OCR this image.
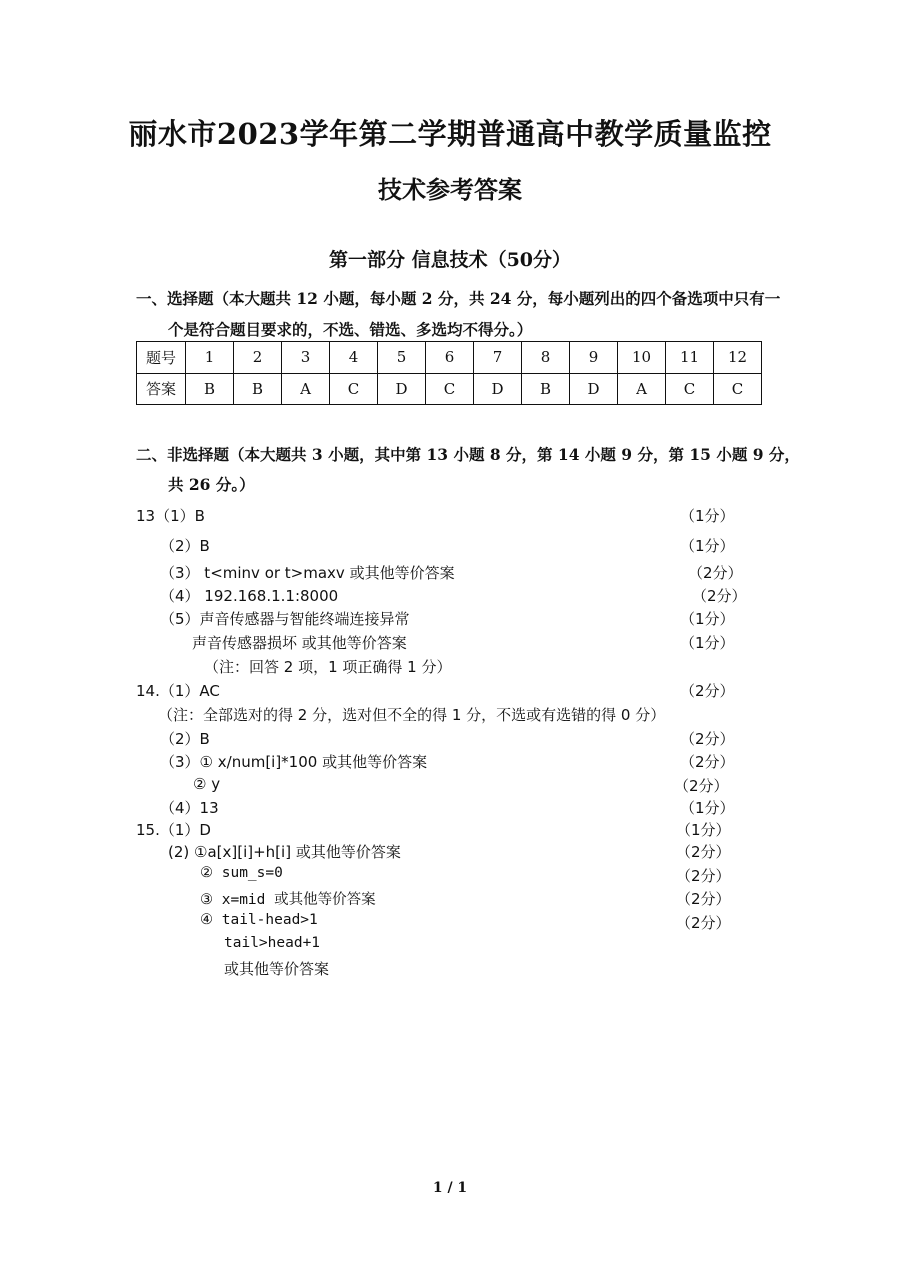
丽水市2023学年第二学期普通高中教学质量监控
技术参考答案
第一部分 信息技术（50分）
一、选择题（本大题共 12 小题，每小题 2 分，共 24 分，每小题列出的四个备选项中只有一
个是符合题目要求的，不选、错选、多选均不得分。）
题号	1	2	3	4	5	6	7	8	9	10	11	12
答案	B	B	A	C	D	C	D	B	D	A	C	C
二、非选择题（本大题共 3 小题，其中第 13 小题 8 分，第 14 小题 9 分，第 15 小题 9 分，
共 26 分。）
13（1）B	（1分）
（2）B	（1分）
（3） t<minv or t>maxv 或其他等价答案	（2分）
（4） 192.168.1.1:8000	（2分）
（5）声音传感器与智能终端连接异常	（1分）
声音传感器损坏 或其他等价答案	（1分）
（注：回答 2 项，1 项正确得 1 分）
14.（1）AC	（2分）
（注：全部选对的得 2 分，选对但不全的得 1 分，不选或有选错的得 0 分）
（2）B	（2分）
（3）① x/num[i]*100 或其他等价答案	（2分）
② y	（2分）
（4）13	（1分）
15.（1）D	（1分）
(2) ①a[x][i]+h[i] 或其他等价答案	（2分）
② sum_s=0	（2分）
③ x=mid 或其他等价答案	（2分）
④ tail-head>1	（2分）
tail>head+1
或其他等价答案
1 / 1
